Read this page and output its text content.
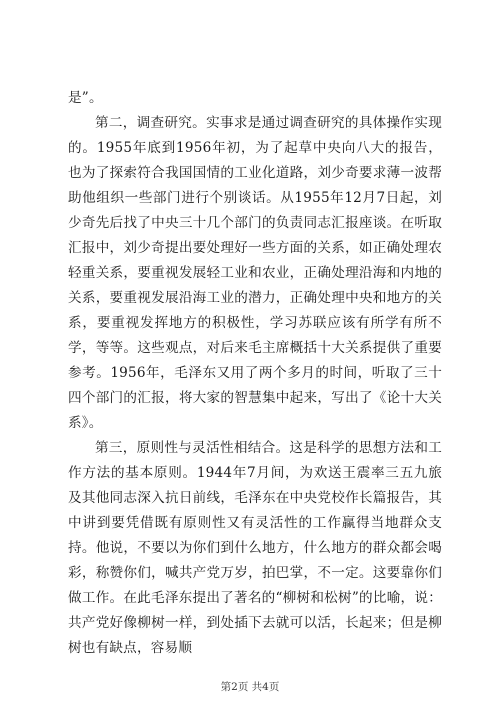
是”。

第二，调查研究。实事求是通过调查研究的具体操作实现的。1955年底到1956年初，为了起草中央向八大的报告，也为了探索符合我国国情的工业化道路，刘少奇要求薄一波帮助他组织一些部门进行个别谈话。从1955年12月7日起，刘少奇先后找了中央三十几个部门的负责同志汇报座谈。在听取汇报中，刘少奇提出要处理好一些方面的关系，如正确处理农轻重关系，要重视发展轻工业和农业，正确处理沿海和内地的关系，要重视发展沿海工业的潜力，正确处理中央和地方的关系，要重视发挥地方的积极性，学习苏联应该有所学有所不学，等等。这些观点，对后来毛主席概括十大关系提供了重要参考。1956年，毛泽东又用了两个多月的时间，听取了三十四个部门的汇报，将大家的智慧集中起来，写出了《论十大关系》。

第三，原则性与灵活性相结合。这是科学的思想方法和工作方法的基本原则。1944年7月间，为欢送王震率三五九旅及其他同志深入抗日前线，毛泽东在中央党校作长篇报告，其中讲到要凭借既有原则性又有灵活性的工作赢得当地群众支持。他说，不要以为你们到什么地方，什么地方的群众都会喝彩，称赞你们，喊共产党万岁，拍巴掌，不一定。这要靠你们做工作。在此毛泽东提出了著名的“柳树和松树”的比喻，说：共产党好像柳树一样，到处插下去就可以活，长起来；但是柳树也有缺点，容易顺

第2页 共4页
